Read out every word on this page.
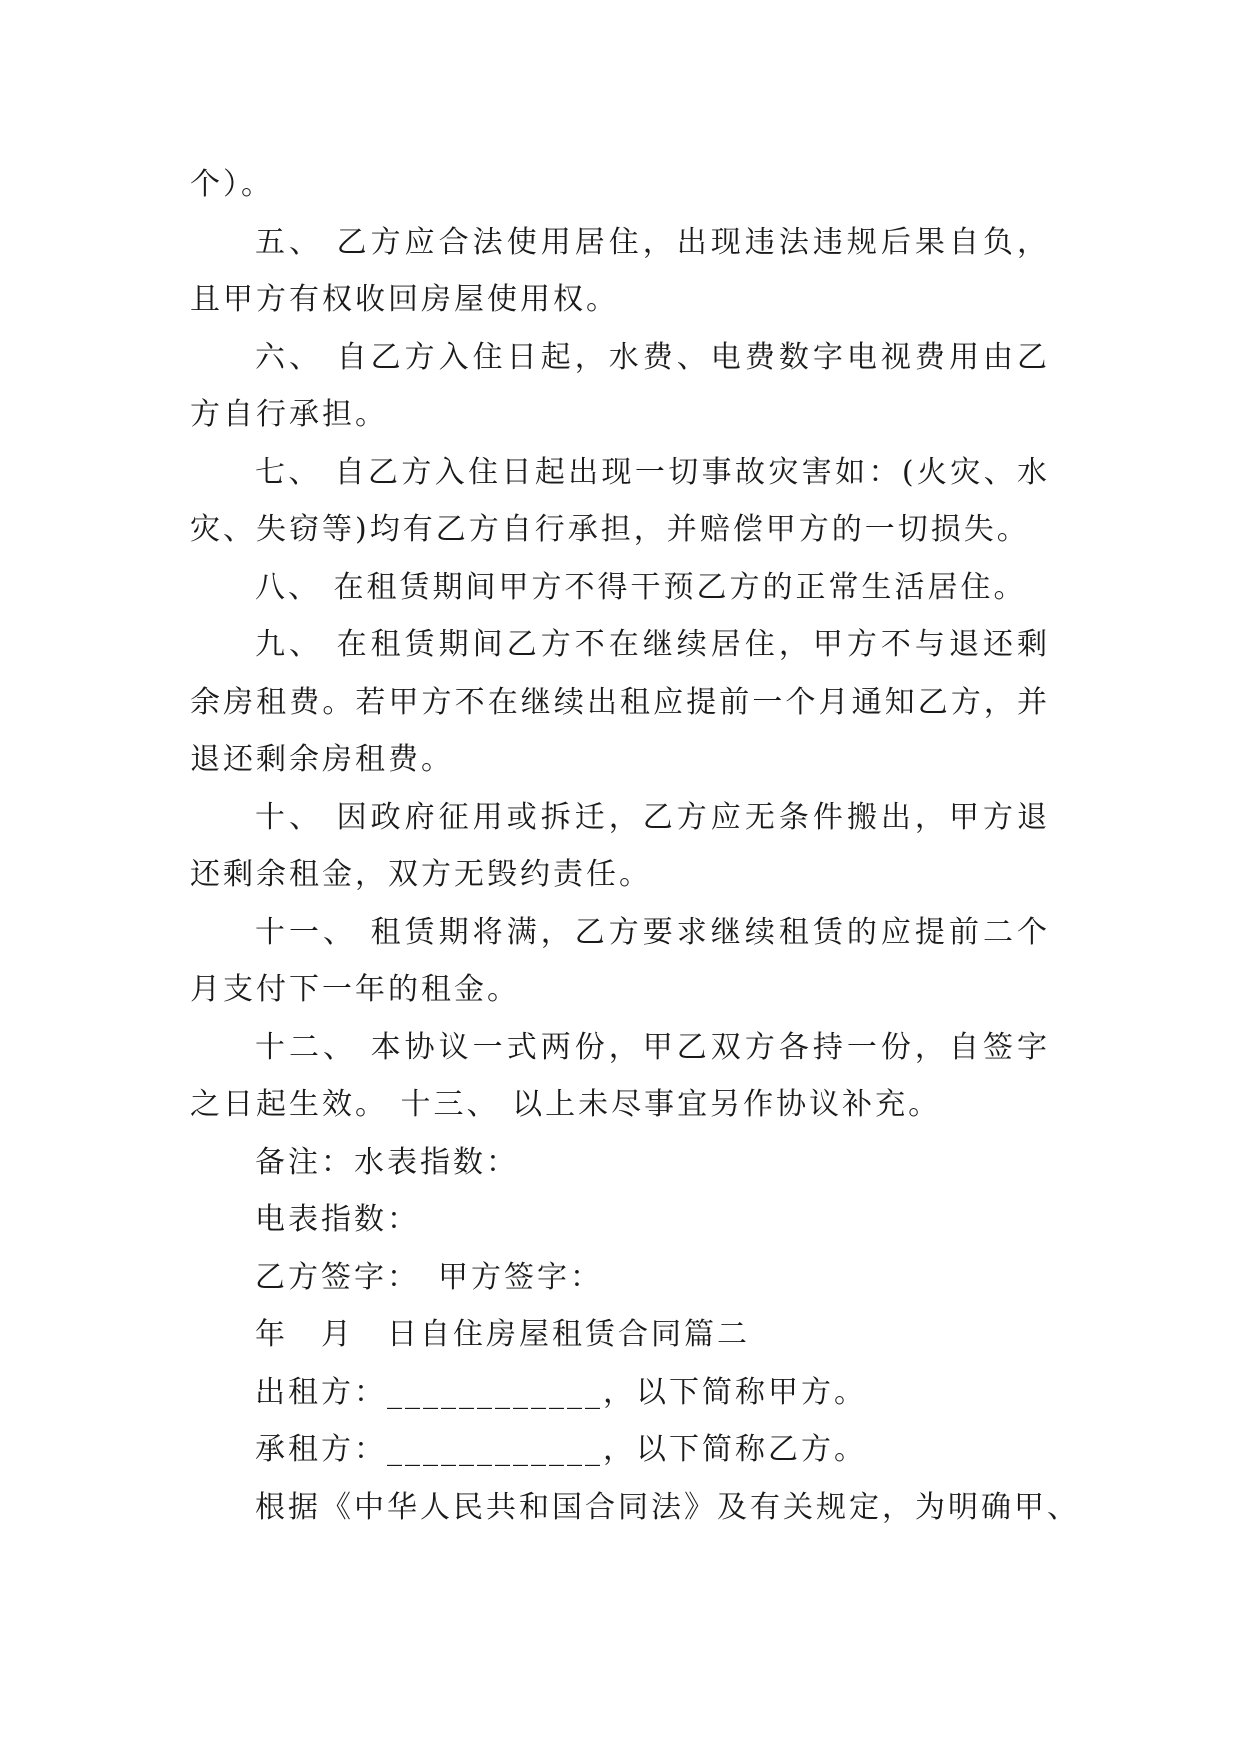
个）。
五、 乙方应合法使用居住，出现违法违规后果自负，
且甲方有权收回房屋使用权。
六、 自乙方入住日起，水费、电费数字电视费用由乙
方自行承担。
七、 自乙方入住日起出现一切事故灾害如：(火灾、水
灾、失窃等)均有乙方自行承担，并赔偿甲方的一切损失。
八、 在租赁期间甲方不得干预乙方的正常生活居住。
九、 在租赁期间乙方不在继续居住，甲方不与退还剩
余房租费。若甲方不在继续出租应提前一个月通知乙方，并
退还剩余房租费。
十、 因政府征用或拆迁，乙方应无条件搬出，甲方退
还剩余租金，双方无毁约责任。
十一、 租赁期将满，乙方要求继续租赁的应提前二个
月支付下一年的租金。
十二、 本协议一式两份，甲乙双方各持一份，自签字
之日起生效。 十三、 以上未尽事宜另作协议补充。
备注：水表指数：
电表指数：
乙方签字：　甲方签字：
年　月　日自住房屋租赁合同篇二
出租方：____________，以下简称甲方。
承租方：____________，以下简称乙方。
根据《中华人民共和国合同法》及有关规定，为明确甲、
